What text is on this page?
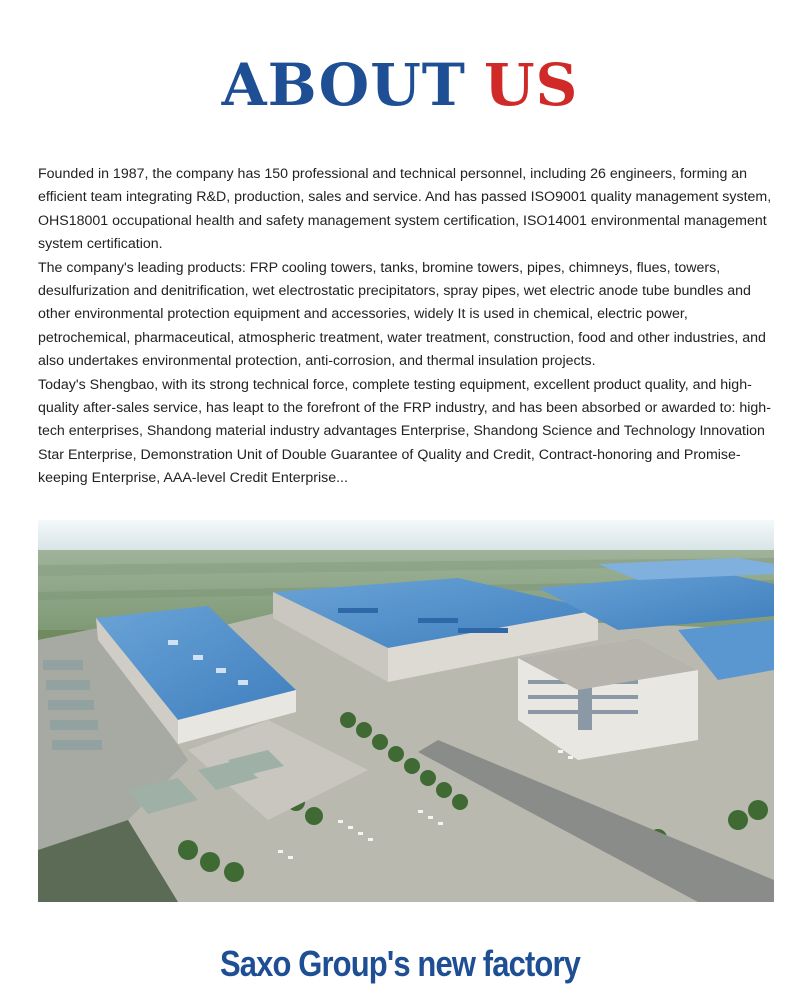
ABOUT US

Founded in 1987, the company has 150 professional and technical personnel, including 26 engineers, forming an efficient team integrating R&D, production, sales and service. And has passed ISO9001 quality management system, OHS18001 occupational health and safety management system certification, ISO14001 environmental management system certification.

The company's leading products: FRP cooling towers, tanks, bromine towers, pipes, chimneys, flues, towers, desulfurization and denitrification, wet electrostatic precipitators, spray pipes, wet electric anode tube bundles and other environmental protection equipment and accessories, widely It is used in chemical, electric power, petrochemical, pharmaceutical, atmospheric treatment, water treatment, construction, food and other industries, and also undertakes environmental protection, anti-corrosion, and thermal insulation projects.

Today's Shengbao, with its strong technical force, complete testing equipment, excellent product quality, and high-quality after-sales service, has leapt to the forefront of the FRP industry, and has been absorbed or awarded to: high-tech enterprises, Shandong material industry advantages Enterprise, Shandong Science and Technology Innovation Star Enterprise, Demonstration Unit of Double Guarantee of Quality and Credit, Contract-honoring and Promise-keeping Enterprise, AAA-level Credit Enterprise...

Saxo Group's new factory
